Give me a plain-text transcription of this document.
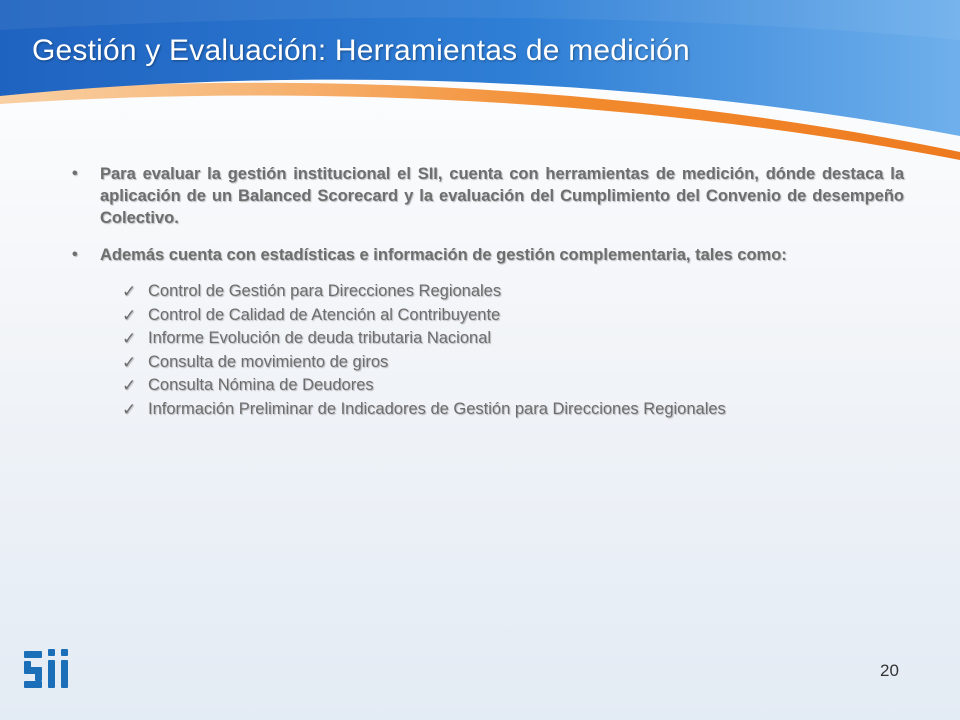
Gestión y Evaluación: Herramientas de medición
• Para evaluar la gestión institucional el SII, cuenta con herramientas de medición, dónde destaca la aplicación de un Balanced Scorecard y la evaluación del Cumplimiento del Convenio de desempeño Colectivo.
• Además cuenta con estadísticas e información de gestión complementaria, tales como:
✓ Control de Gestión para Direcciones Regionales
✓ Control de Calidad de Atención al Contribuyente
✓ Informe Evolución de deuda tributaria Nacional
✓ Consulta de movimiento de giros
✓ Consulta Nómina de Deudores
✓ Información Preliminar de Indicadores de Gestión para Direcciones Regionales
20
